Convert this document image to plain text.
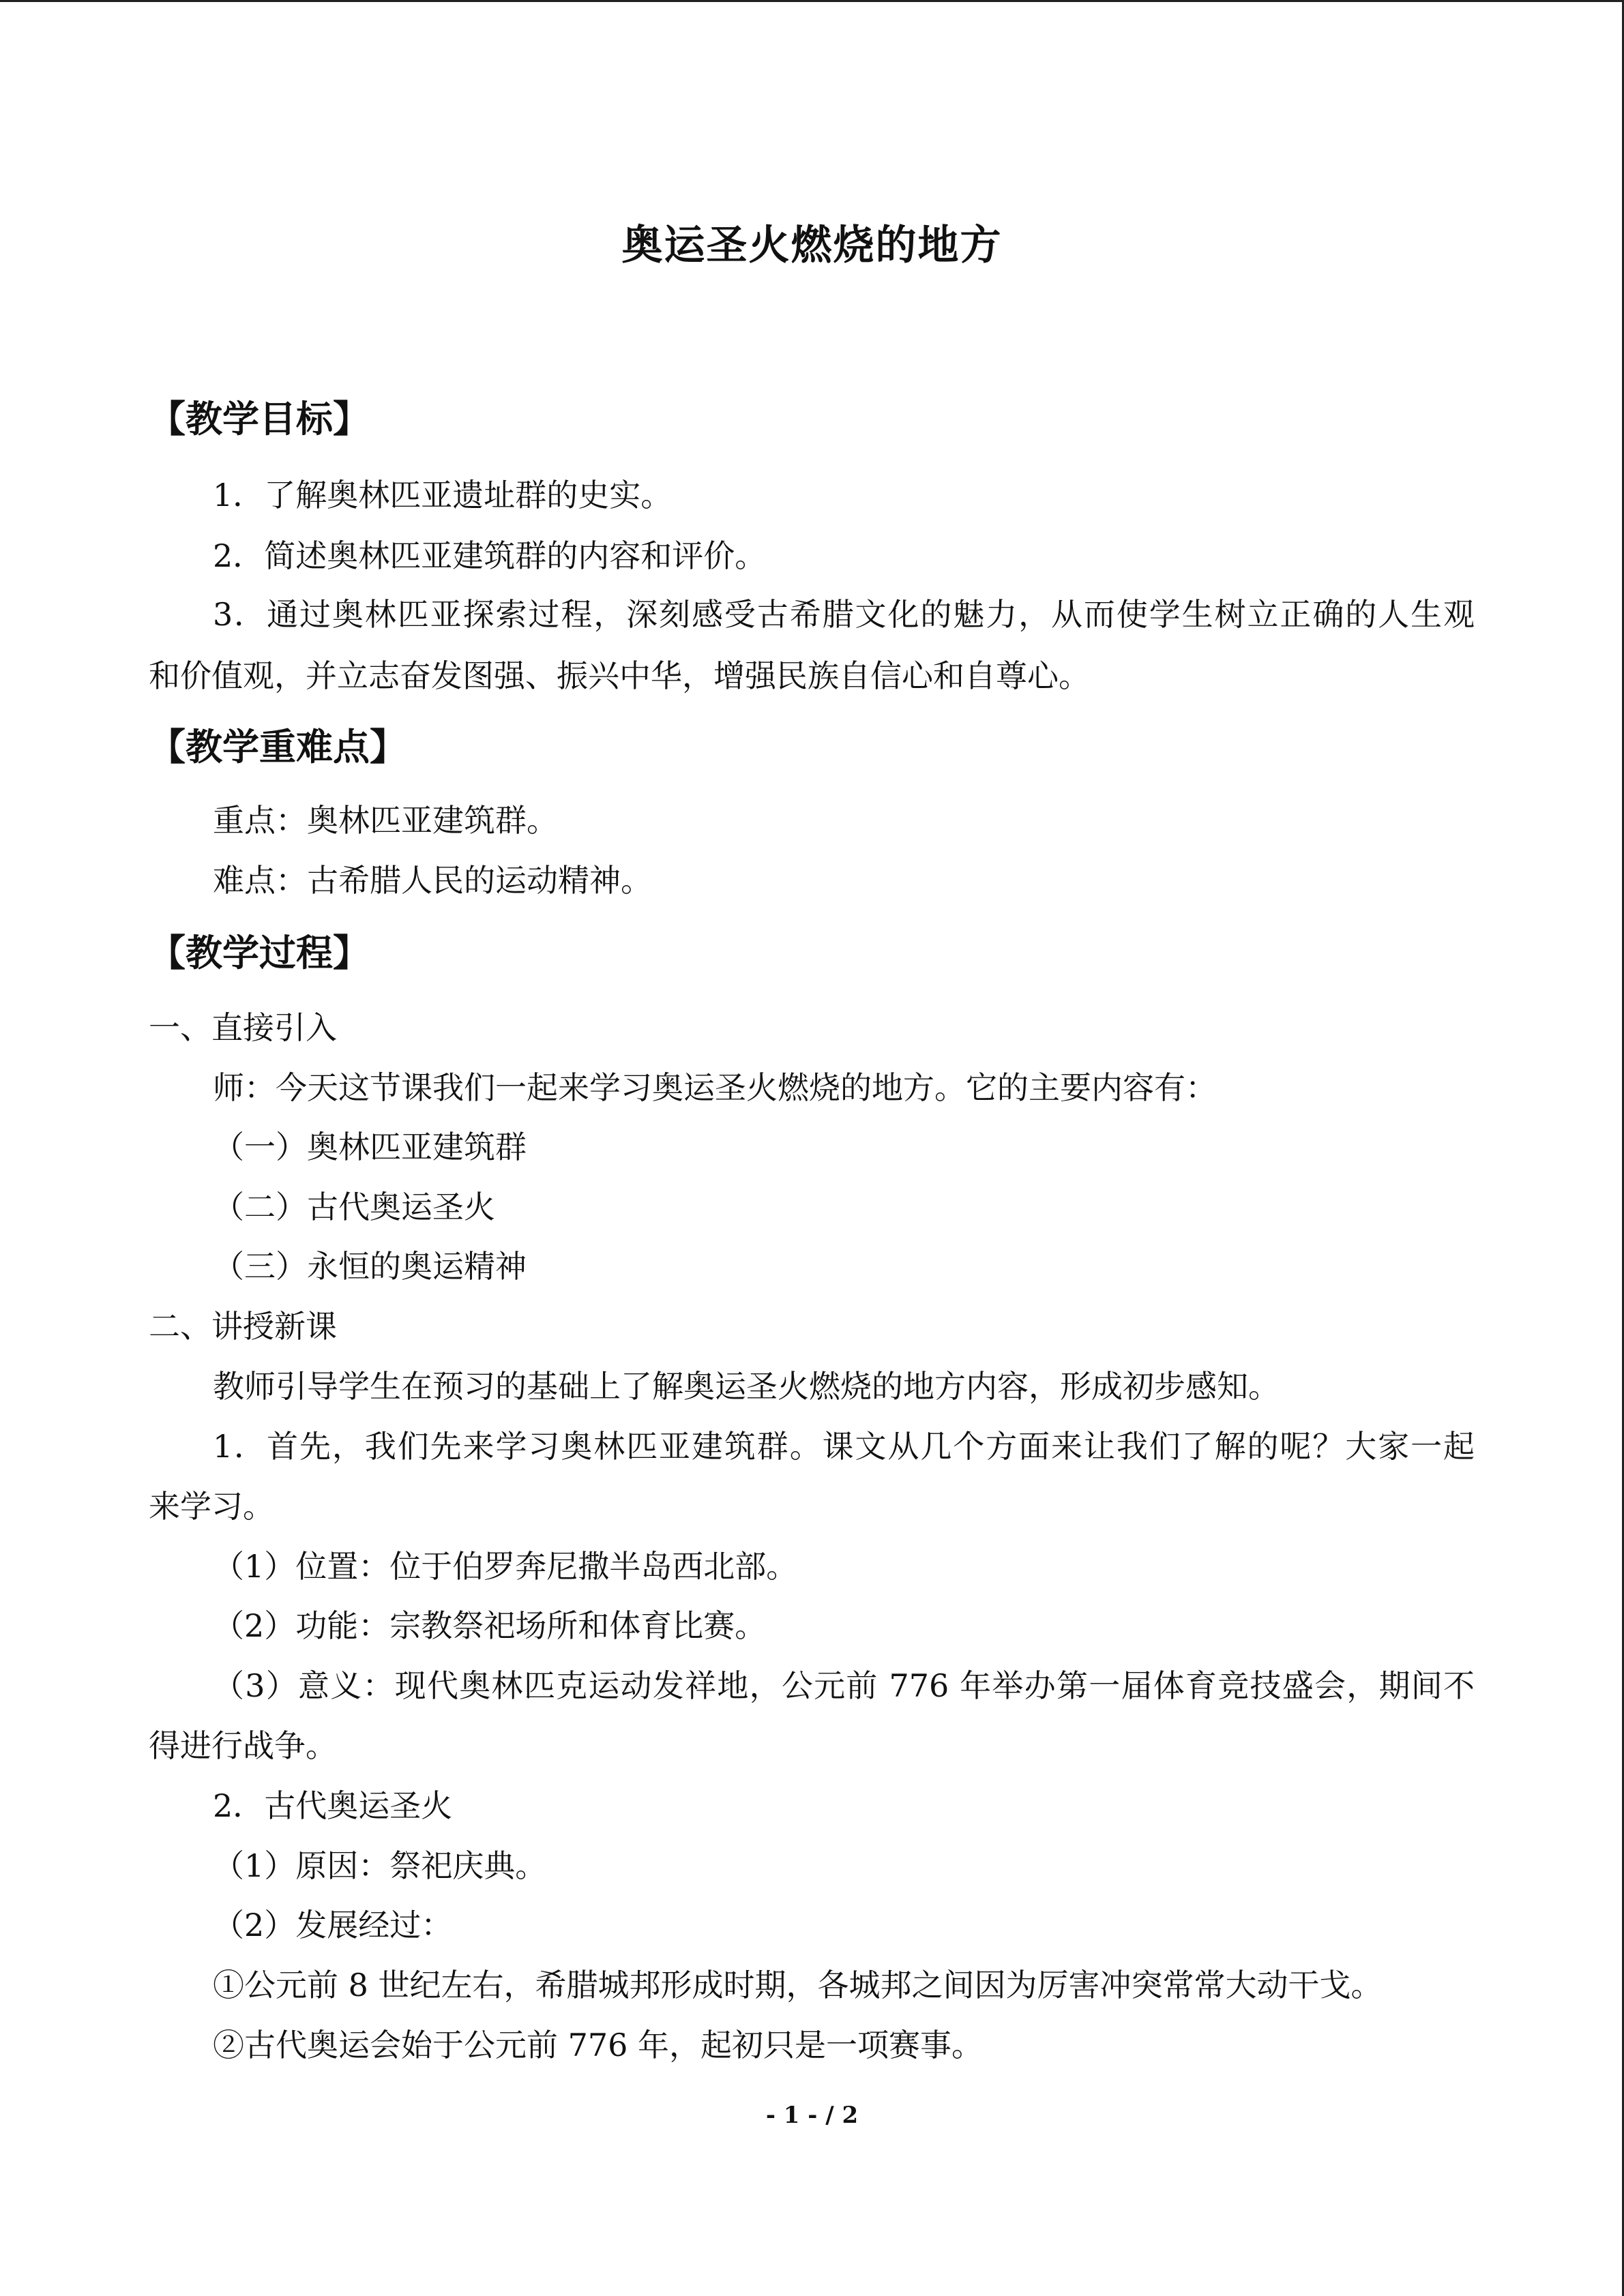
奥运圣火燃烧的地方
【教学目标】
1．了解奥林匹亚遗址群的史实。
2．简述奥林匹亚建筑群的内容和评价。
3．通过奥林匹亚探索过程，深刻感受古希腊文化的魅力，从而使学生树立正确的人生观
和价值观，并立志奋发图强、振兴中华，增强民族自信心和自尊心。
【教学重难点】
重点：奥林匹亚建筑群。
难点：古希腊人民的运动精神。
【教学过程】
一、直接引入
师：今天这节课我们一起来学习奥运圣火燃烧的地方。它的主要内容有：
（一）奥林匹亚建筑群
（二）古代奥运圣火
（三）永恒的奥运精神
二、讲授新课
教师引导学生在预习的基础上了解奥运圣火燃烧的地方内容，形成初步感知。
1．首先，我们先来学习奥林匹亚建筑群。课文从几个方面来让我们了解的呢？大家一起
来学习。
（1）位置：位于伯罗奔尼撒半岛西北部。
（2）功能：宗教祭祀场所和体育比赛。
（3）意义：现代奥林匹克运动发祥地，公元前 776 年举办第一届体育竞技盛会，期间不
得进行战争。
2．古代奥运圣火
（1）原因：祭祀庆典。
（2）发展经过：
①公元前 8 世纪左右，希腊城邦形成时期，各城邦之间因为厉害冲突常常大动干戈。
②古代奥运会始于公元前 776 年，起初只是一项赛事。
- 1 - / 2
